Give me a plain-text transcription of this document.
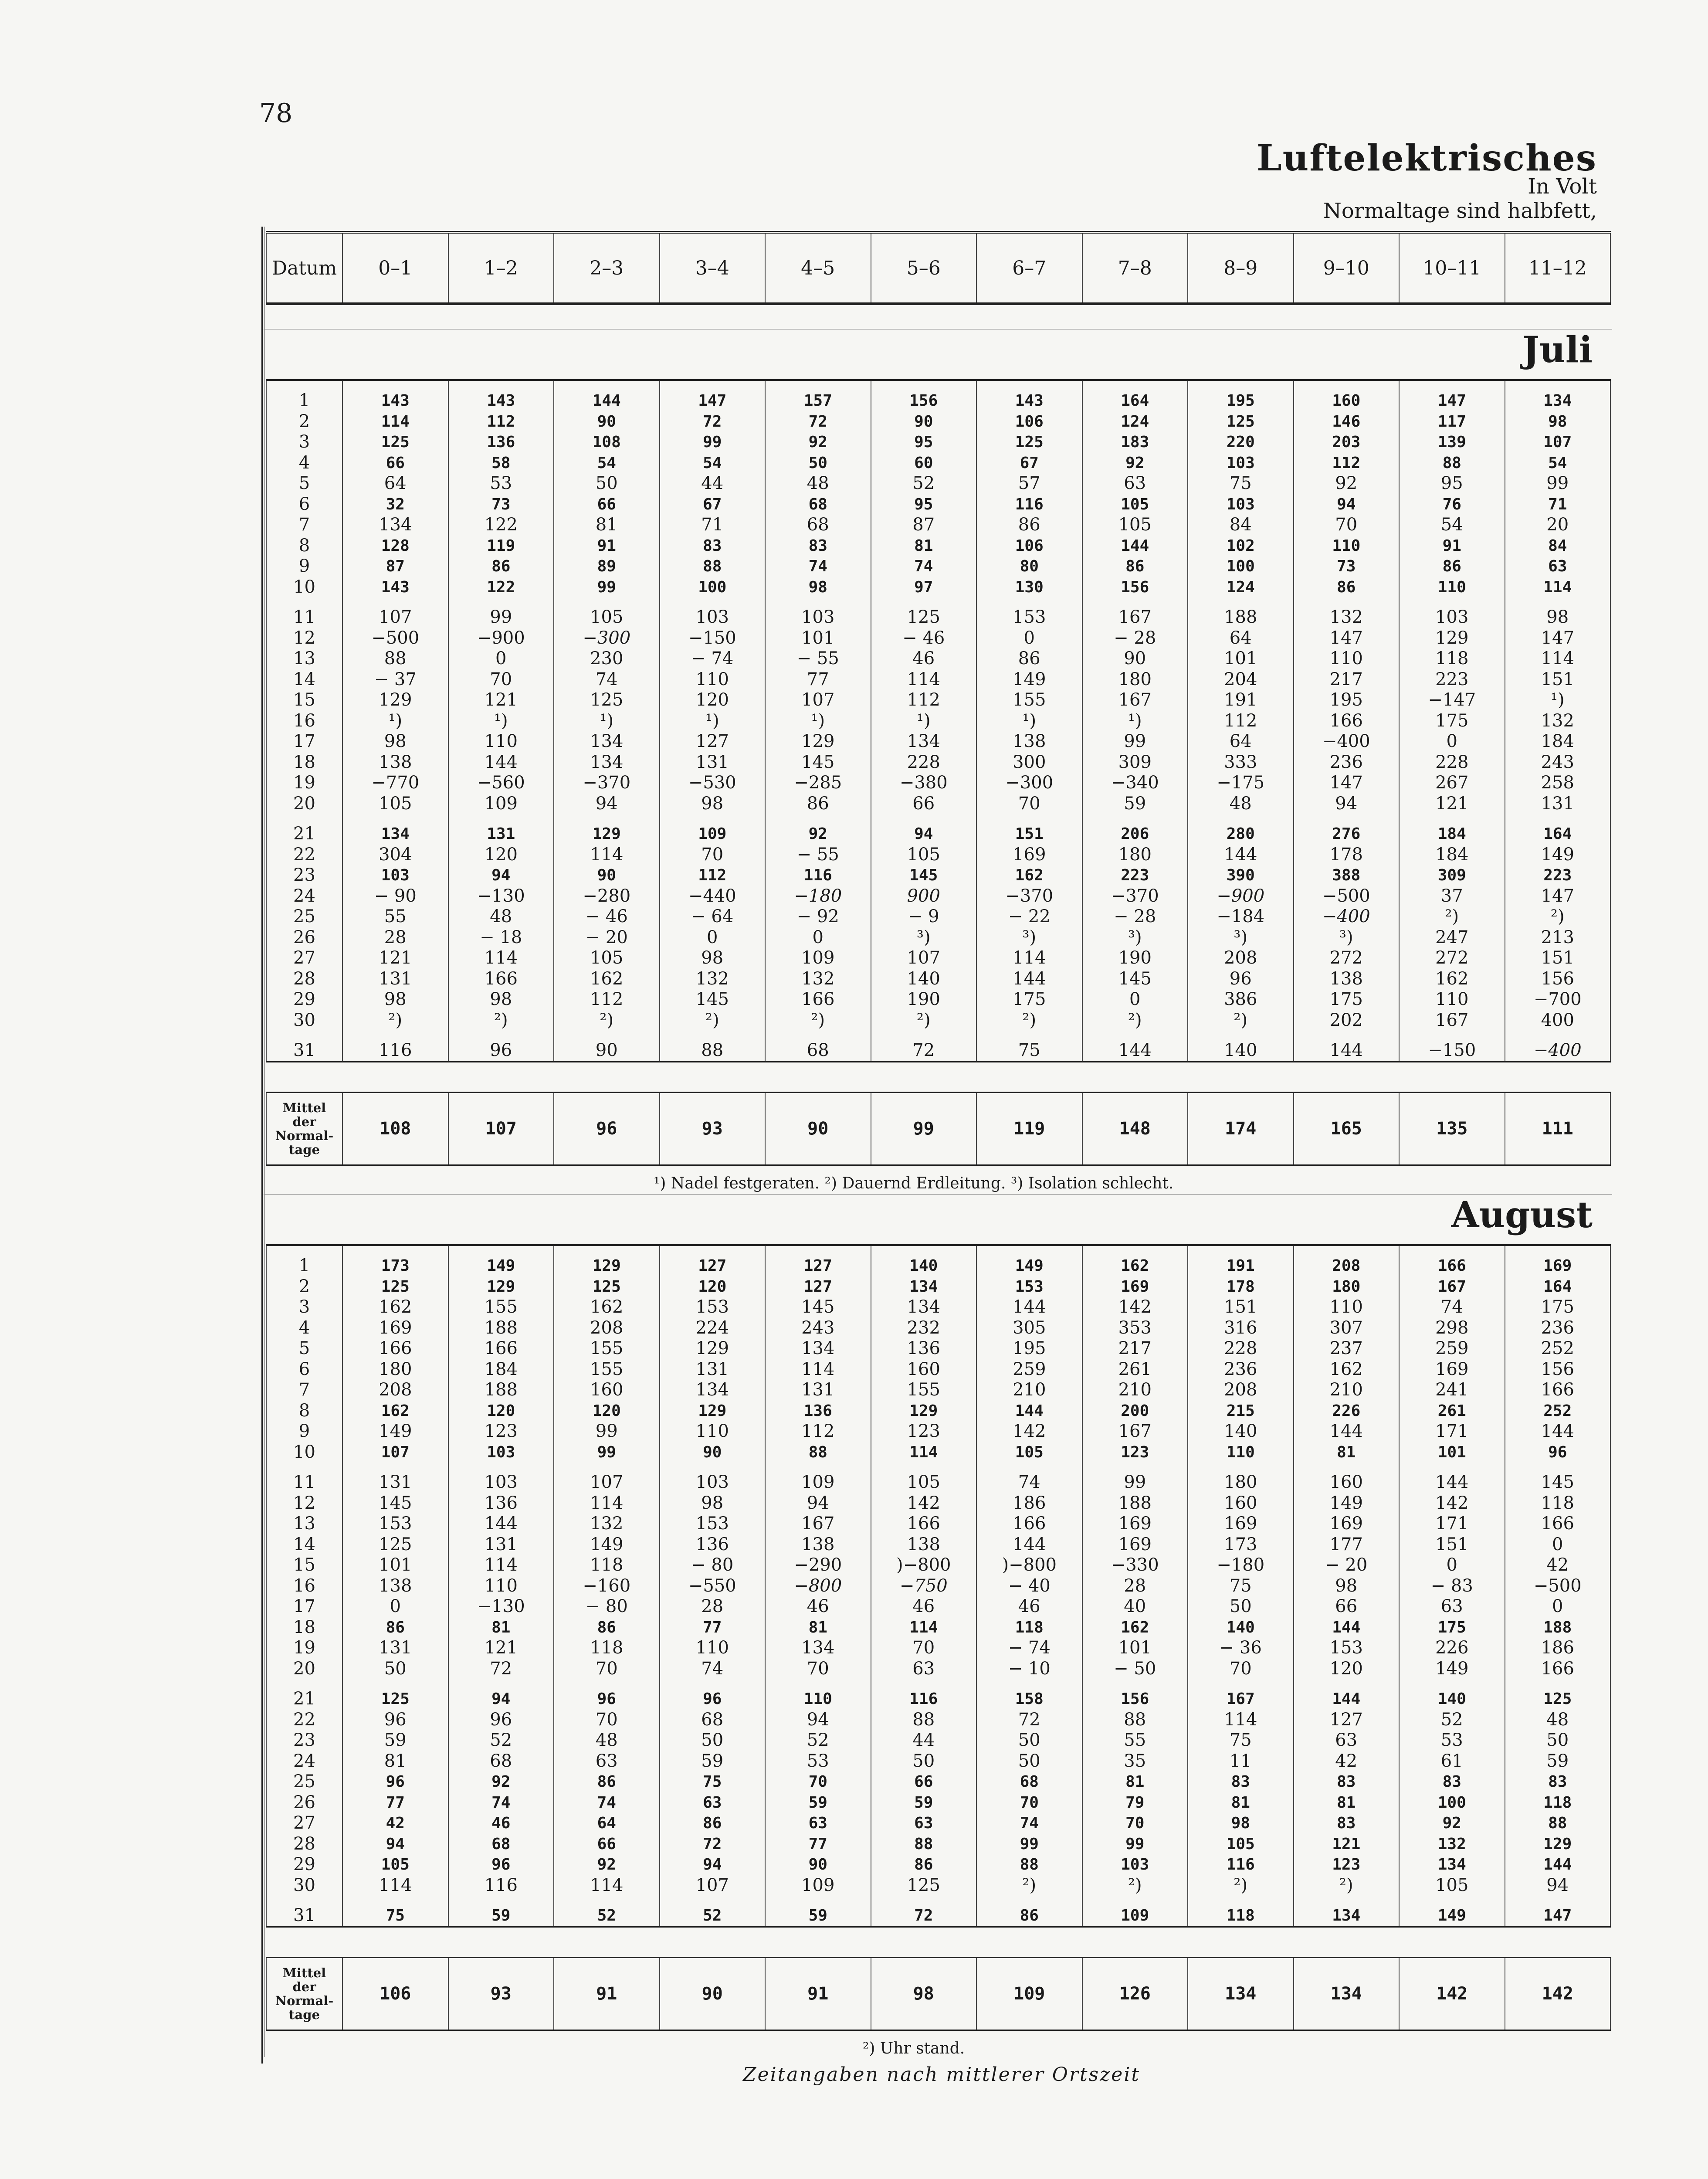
78
Luftelektrisches
In Volt
Normaltage sind halbfett,
Datum	0–1	1–2	2–3	3–4	4–5	5–6	6–7	7–8	8–9	9–10	10–11	11–12
Juli
1	143	143	144	147	157	156	143	164	195	160	147	134
2	114	112	90	72	72	90	106	124	125	146	117	98
3	125	136	108	99	92	95	125	183	220	203	139	107
4	66	58	54	54	50	60	67	92	103	112	88	54
5	64	53	50	44	48	52	57	63	75	92	95	99
6	32	73	66	67	68	95	116	105	103	94	76	71
7	134	122	81	71	68	87	86	105	84	70	54	20
8	128	119	91	83	83	81	106	144	102	110	91	84
9	87	86	89	88	74	74	80	86	100	73	86	63
10	143	122	99	100	98	97	130	156	124	86	110	114
11	107	99	105	103	103	125	153	167	188	132	103	98
12	−500	−900	−300	−150	101	− 46	0	− 28	64	147	129	147
13	88	0	230	− 74	− 55	46	86	90	101	110	118	114
14	− 37	70	74	110	77	114	149	180	204	217	223	151
15	129	121	125	120	107	112	155	167	191	195	−147	¹)
16	¹)	¹)	¹)	¹)	¹)	¹)	¹)	¹)	112	166	175	132
17	98	110	134	127	129	134	138	99	64	−400	0	184
18	138	144	134	131	145	228	300	309	333	236	228	243
19	−770	−560	−370	−530	−285	−380	−300	−340	−175	147	267	258
20	105	109	94	98	86	66	70	59	48	94	121	131
21	134	131	129	109	92	94	151	206	280	276	184	164
22	304	120	114	70	− 55	105	169	180	144	178	184	149
23	103	94	90	112	116	145	162	223	390	388	309	223
24	− 90	−130	−280	−440	−180	900	−370	−370	−900	−500	37	147
25	55	48	− 46	− 64	− 92	− 9	− 22	− 28	−184	−400	²)	²)
26	28	− 18	− 20	0	0	³)	³)	³)	³)	³)	247	213
27	121	114	105	98	109	107	114	190	208	272	272	151
28	131	166	162	132	132	140	144	145	96	138	162	156
29	98	98	112	145	166	190	175	0	386	175	110	−700
30	²)	²)	²)	²)	²)	²)	²)	²)	²)	202	167	400
31	116	96	90	88	68	72	75	144	140	144	−150	−400
Mittel
der
Normal-
tage
	108	107	96	93	90	99	119	148	174	165	135	111
¹) Nadel festgeraten. ²) Dauernd Erdleitung. ³) Isolation schlecht.
August
1	173	149	129	127	127	140	149	162	191	208	166	169
2	125	129	125	120	127	134	153	169	178	180	167	164
3	162	155	162	153	145	134	144	142	151	110	74	175
4	169	188	208	224	243	232	305	353	316	307	298	236
5	166	166	155	129	134	136	195	217	228	237	259	252
6	180	184	155	131	114	160	259	261	236	162	169	156
7	208	188	160	134	131	155	210	210	208	210	241	166
8	162	120	120	129	136	129	144	200	215	226	261	252
9	149	123	99	110	112	123	142	167	140	144	171	144
10	107	103	99	90	88	114	105	123	110	81	101	96
11	131	103	107	103	109	105	74	99	180	160	144	145
12	145	136	114	98	94	142	186	188	160	149	142	118
13	153	144	132	153	167	166	166	169	169	169	171	166
14	125	131	149	136	138	138	144	169	173	177	151	0
15	101	114	118	− 80	−290	)−800	)−800	−330	−180	− 20	0	42
16	138	110	−160	−550	−800	−750	− 40	28	75	98	− 83	−500
17	0	−130	− 80	28	46	46	46	40	50	66	63	0
18	86	81	86	77	81	114	118	162	140	144	175	188
19	131	121	118	110	134	70	− 74	101	− 36	153	226	186
20	50	72	70	74	70	63	− 10	− 50	70	120	149	166
21	125	94	96	96	110	116	158	156	167	144	140	125
22	96	96	70	68	94	88	72	88	114	127	52	48
23	59	52	48	50	52	44	50	55	75	63	53	50
24	81	68	63	59	53	50	50	35	11	42	61	59
25	96	92	86	75	70	66	68	81	83	83	83	83
26	77	74	74	63	59	59	70	79	81	81	100	118
27	42	46	64	86	63	63	74	70	98	83	92	88
28	94	68	66	72	77	88	99	99	105	121	132	129
29	105	96	92	94	90	86	88	103	116	123	134	144
30	114	116	114	107	109	125	²)	²)	²)	²)	105	94
31	75	59	52	52	59	72	86	109	118	134	149	147
Mittel
der
Normal-
tage
	106	93	91	90	91	98	109	126	134	134	142	142
²) Uhr stand.
Zeitangaben nach mittlerer Ortszeit
